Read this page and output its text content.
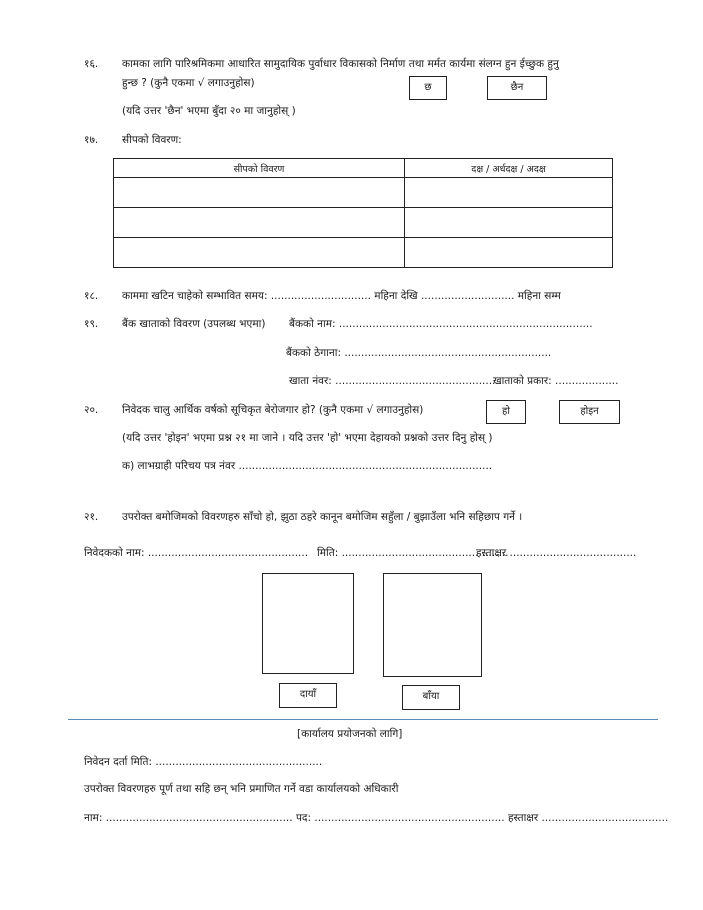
१६. कामका लागि पारिश्रमिकमा आधारित सामुदायिक पुर्वाधार विकासको निर्माण तथा मर्मत कार्यमा संलग्न हुन ईच्छुक हुनु
हुन्छ ? (कुनै एकमा √ लगाउनुहोस)	छ	छैन
(यदि उत्तर 'छैन' भएमा बुँदा २० मा जानुहोस् )
१७. सीपको विवरण:
सीपको विवरण	दक्ष / अर्धदक्ष / अदक्ष

१८. काममा खटिन चाहेको सम्भावित समय: .............................. महिना देखि ............................ महिना सम्म
१९. बैंक खाताको विवरण (उपलब्ध भएमा) बैंकको नाम: ............................................................................
बैंकको ठेगाना: ..............................................................
खाता नंवर: ..................................................
खाताको प्रकार: ...................
२०. निवेदक चालु आर्थिक वर्षको सूचिकृत बेरोजगार हो? (कुनै एकमा √ लगाउनुहोस)	हो	होइन
(यदि उत्तर 'होइन' भएमा प्रश्न २१ मा जाने । यदि उत्तर 'हो' भएमा देहायको प्रश्नको उत्तर दिनु होस् )
क) लाभग्राही परिचय पत्र नंवर ............................................................................
२१. उपरोक्त बमोजिमको विवरणहरु साँचो हो, झुठा ठहरे कानून बमोजिम सहुँला / बुझाउँला भनि सहिछाप गर्ने ।
निवेदकको नाम: ................................................ मिति: ..................................................
हस्ताक्षर ......................................
दायाँ	बाँया
[कार्यालय प्रयोजनको लागि]
निवेदन दर्ता मिति: ..................................................
उपरोक्त विवरणहरु पूर्ण तथा सहि छन् भनि प्रमाणित गर्ने वडा कार्यालयको अधिकारी
नाम: ........................................................ पद: ......................................................... हस्ताक्षर ......................................
